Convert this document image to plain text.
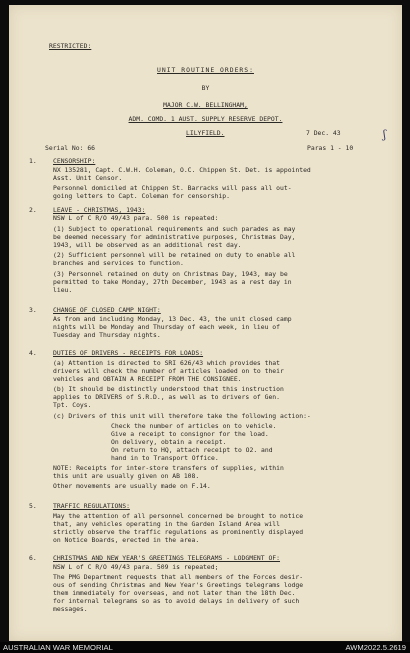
RESTRICTED:
UNIT ROUTINE ORDERS:
BY
MAJOR C.W. BELLINGHAM,
ADM. COMD. 1 AUST. SUPPLY RESERVE DEPOT.
LILYFIELD.	7 Dec. 43	ʃ
Serial No: 66	Paras 1 - 10
1.	CENSORSHIP:
NX 135281, Capt. C.W.H. Coleman, O.C. Chippen St. Det. is appointed
Asst. Unit Censor.
Personnel domiciled at Chippen St. Barracks will pass all out-
going letters to Capt. Coleman for censorship.
2.	LEAVE - CHRISTMAS, 1943:
NSW L of C R/O 49/43 para. 500 is repeated:
(1) Subject to operational requirements and such parades as may
be deemed necessary for administrative purposes, Christmas Day,
1943, will be observed as an additional rest day.
(2) Sufficient personnel will be retained on duty to enable all
branches and services to function.
(3) Personnel retained on duty on Christmas Day, 1943, may be
permitted to take Monday, 27th December, 1943 as a rest day in
lieu.
3.	CHANGE OF CLOSED CAMP NIGHT:
As from and including Monday, 13 Dec. 43, the unit closed camp
nights will be Monday and Thursday of each week, in lieu of
Tuesday and Thursday nights.
4.	DUTIES OF DRIVERS - RECEIPTS FOR LOADS:
(a) Attention is directed to SRI 626/43 which provides that
drivers will check the number of articles loaded on to their
vehicles and OBTAIN A RECEIPT FROM THE CONSIGNEE.
(b) It should be distinctly understood that this instruction
applies to DRIVERS of S.R.D., as well as to drivers of Gen.
Tpt. Coys.
(c) Drivers of this unit will therefore take the following action:-
Check the number of articles on to vehicle.
Give a receipt to consignor for the load.
On delivery, obtain a receipt.
On return to HQ, attach receipt to O2. and
hand in to Transport Office.
NOTE: Receipts for inter-store transfers of supplies, within
this unit are usually given on AB 108.
Other movements are usually made on F.14.
5.	TRAFFIC REGULATIONS:
May the attention of all personnel concerned be brought to notice
that, any vehicles operating in the Garden Island Area will
strictly observe the traffic regulations as prominently displayed
on Notice Boards, erected in the area.
6.	CHRISTMAS AND NEW YEAR'S GREETINGS TELEGRAMS - LODGMENT OF:
NSW L of C R/O 49/43 para. 509 is repeated;
The PMG Department requests that all members of the Forces desir-
ous of sending Christmas and New Year's Greetings telegrams lodge
them immediately for overseas, and not later than the 18th Dec.
for internal telegrams so as to avoid delays in delivery of such
messages.
AUSTRALIAN WAR MEMORIAL	AWM2022.5.2619
